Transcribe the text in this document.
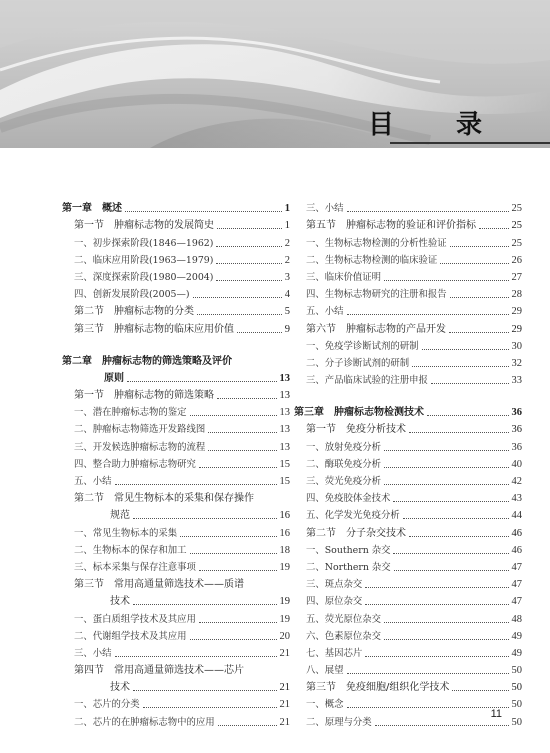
目　录
第一章　概述	1
第一节　肿瘤标志物的发展简史	1
一、初步探索阶段(1846—1962)	2
二、临床应用阶段(1963—1979)	2
三、深度探索阶段(1980—2004)	3
四、创新发展阶段(2005—)	4
第二节　肿瘤标志物的分类	5
第三节　肿瘤标志物的临床应用价值	9
第二章　肿瘤标志物的筛选策略及评价
原则	13
第一节　肿瘤标志物的筛选策略	13
一、潜在肿瘤标志物的鉴定	13
二、肿瘤标志物筛选开发路线图	13
三、开发候选肿瘤标志物的流程	13
四、整合助力肿瘤标志物研究	15
五、小结	15
第二节　常见生物标本的采集和保存操作
规范	16
一、常见生物标本的采集	16
二、生物标本的保存和加工	18
三、标本采集与保存注意事项	19
第三节　常用高通量筛选技术——质谱
技术	19
一、蛋白质组学技术及其应用	19
二、代谢组学技术及其应用	20
三、小结	21
第四节　常用高通量筛选技术——芯片
技术	21
一、芯片的分类	21
二、芯片的在肿瘤标志物中的应用	21
三、小结	25
第五节　肿瘤标志物的验证和评价指标	25
一、生物标志物检测的分析性验证	25
二、生物标志物检测的临床验证	26
三、临床价值证明	27
四、生物标志物研究的注册和报告	28
五、小结	29
第六节　肿瘤标志物的产品开发	29
一、免疫学诊断试剂的研制	30
二、分子诊断试剂的研制	32
三、产品临床试验的注册申报	33
第三章　肿瘤标志物检测技术	36
第一节　免疫分析技术	36
一、放射免疫分析	36
二、酶联免疫分析	40
三、荧光免疫分析	42
四、免疫胶体金技术	43
五、化学发光免疫分析	44
第二节　分子杂交技术	46
一、Southern 杂交	46
二、Northern 杂交	47
三、斑点杂交	47
四、原位杂交	47
五、荧光原位杂交	48
六、色素原位杂交	49
七、基因芯片	49
八、展望	50
第三节　免疫细胞/组织化学技术	50
一、概念	50
二、原理与分类	50
11
